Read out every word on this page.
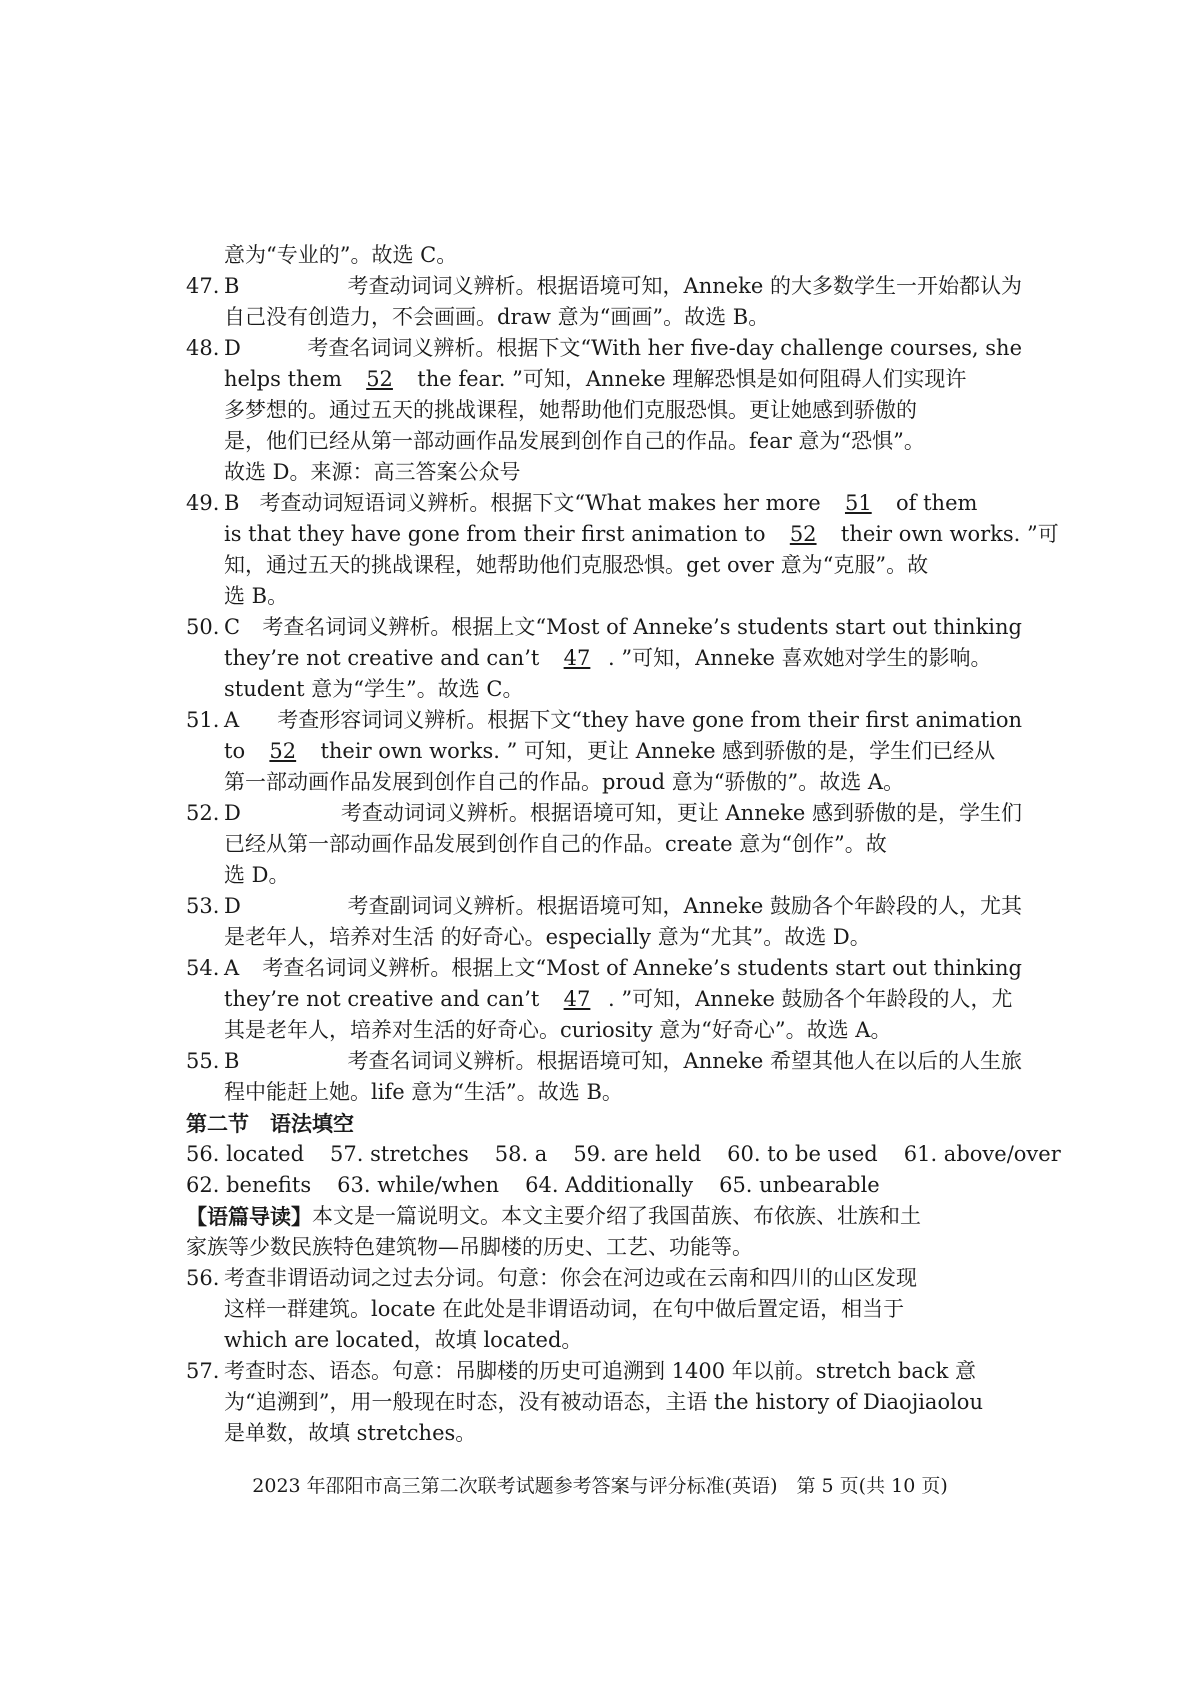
意为“专业的”。故选 C。
47. B	考查动词词义辨析。根据语境可知，Anneke 的大多数学生一开始都认为
自己没有创造力，不会画画。draw 意为“画画”。故选 B。
48. D	考查名词词义辨析。根据下文“With her five-day challenge courses, she
helps them
	52
	the fear. ”可知，Anneke 理解恐惧是如何阻碍人们实现许
多梦想的。通过五天的挑战课程，她帮助他们克服恐惧。更让她感到骄傲的
是，他们已经从第一部动画作品发展到创作自己的作品。fear 意为“恐惧”。
故选 D。来源：高三答案公众号
49. B 考查动词短语词义辨析。根据下文“What makes her more
	51
	of them
is that they have gone from their first animation to
	52
	their own works. ”可
知，通过五天的挑战课程，她帮助他们克服恐惧。get over 意为“克服”。故
选 B。
50. C	考查名词词义辨析。根据上文“Most of Anneke’s students start out thinking
they’re not creative and can’t
	47 . ”可知，Anneke 喜欢她对学生的影响。
student 意为“学生”。故选 C。
51. A	考查形容词词义辨析。根据下文“they have gone from their first animation
to
	52
	their own works. ” 可知，更让 Anneke 感到骄傲的是，学生们已经从
第一部动画作品发展到创作自己的作品。proud 意为“骄傲的”。故选 A。
52. D	考查动词词义辨析。根据语境可知，更让 Anneke 感到骄傲的是，学生们
已经从第一部动画作品发展到创作自己的作品。create 意为“创作”。故
选 D。
53. D	考查副词词义辨析。根据语境可知，Anneke 鼓励各个年龄段的人，尤其
是老年人，培养对生活 的好奇心。especially 意为“尤其”。故选 D。
54. A	考查名词词义辨析。根据上文“Most of Anneke’s students start out thinking
they’re not creative and can’t
	47 . ”可知，Anneke 鼓励各个年龄段的人，尤
其是老年人，培养对生活的好奇心。curiosity 意为“好奇心”。故选 A。
55. B	考查名词词义辨析。根据语境可知，Anneke 希望其他人在以后的人生旅
程中能赶上她。life 意为“生活”。故选 B。
第二节　语法填空
56. located 57. stretches 58. a 59. are held 60. to be used 61. above/over
62. benefits 63. while/when 64. Additionally 65. unbearable
【语篇导读】 本文是一篇说明文。本文主要介绍了我国苗族、布依族、壮族和土
家族等少数民族特色建筑物—吊脚楼的历史、工艺、功能等。
56. 考查非谓语动词之过去分词。句意：你会在河边或在云南和四川的山区发现
这样一群建筑。locate 在此处是非谓语动词，在句中做后置定语，相当于
which are located，故填 located。
57. 考查时态、语态。句意：吊脚楼的历史可追溯到 1400 年以前。stretch back 意
为“追溯到”，用一般现在时态，没有被动语态，主语 the history of Diaojiaolou
是单数，故填 stretches。
2023 年邵阳市高三第二次联考试题参考答案与评分标准(英语)　第 5 页(共 10 页)
